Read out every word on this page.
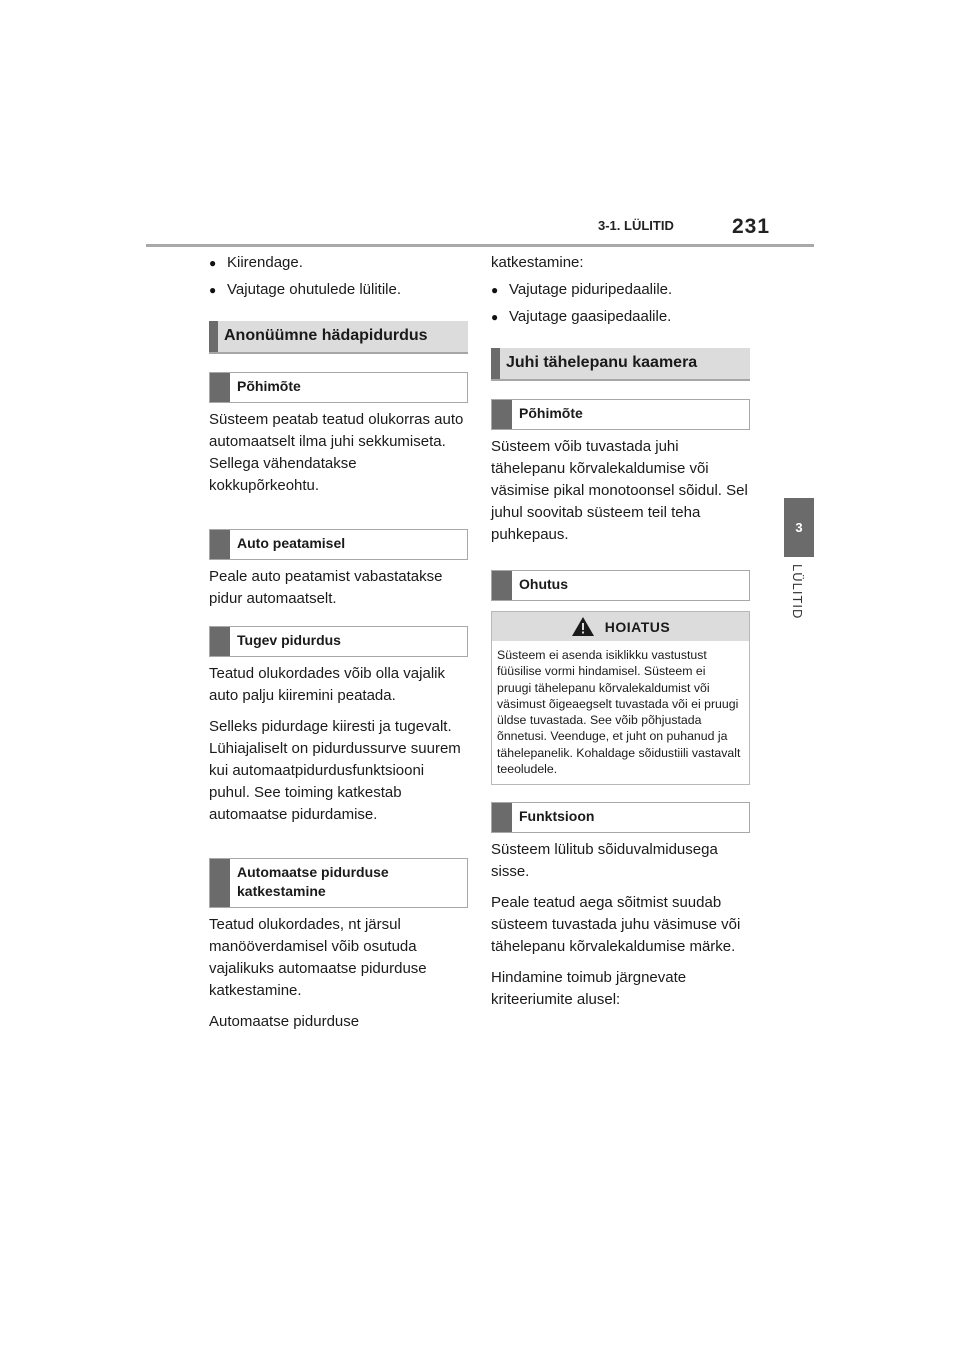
3-1. LÜLITID	231
3
LÜLITID
● Kiirendage.
● Vajutage ohutulede lülitile.
Anonüümne hädapidurdus
Põhimõte

Süsteem peatab teatud olukorras auto automaatselt ilma juhi sekkumiseta. Sellega vähendatakse kokkupõrkeohtu.

Auto peatamisel

Peale auto peatamist vabastatakse pidur automaatselt.

Tugev pidurdus

Teatud olukordades võib olla vajalik auto palju kiiremini peatada.

Selleks pidurdage kiiresti ja tugevalt. Lühiajaliselt on pidurdussurve suurem kui automaatpidurdusfunktsiooni puhul. See toiming katkestab automaatse pidurdamise.

Automaatse pidurduse katkestamine

Teatud olukordades, nt järsul manööverdamisel võib osutuda vajalikuks automaatse pidurduse katkestamine.

Automaatse pidurduse

katkestamine:

● Vajutage piduripedaalile.
● Vajutage gaasipedaalile.
Juhi tähelepanu kaamera
Põhimõte

Süsteem võib tuvastada juhi tähelepanu kõrvalekaldumise või väsimise pikal monotoonsel sõidul. Sel juhul soovitab süsteem teil teha puhkepaus.

Ohutus
HOIATUS
Süsteem ei asenda isiklikku vastustust füüsilise vormi hindamisel. Süsteem ei pruugi tähelepanu kõrvalekaldumist või väsimust õigeaegselt tuvastada või ei pruugi üldse tuvastada. See võib põhjustada õnnetusi. Veenduge, et juht on puhanud ja tähelepanelik. Kohaldage sõidustiili vastavalt teeoludele.
Funktsioon

Süsteem lülitub sõiduvalmidusega sisse.

Peale teatud aega sõitmist suudab süsteem tuvastada juhu väsimuse või tähelepanu kõrvalekaldumise märke.

Hindamine toimub järgnevate kriteeriumite alusel:
